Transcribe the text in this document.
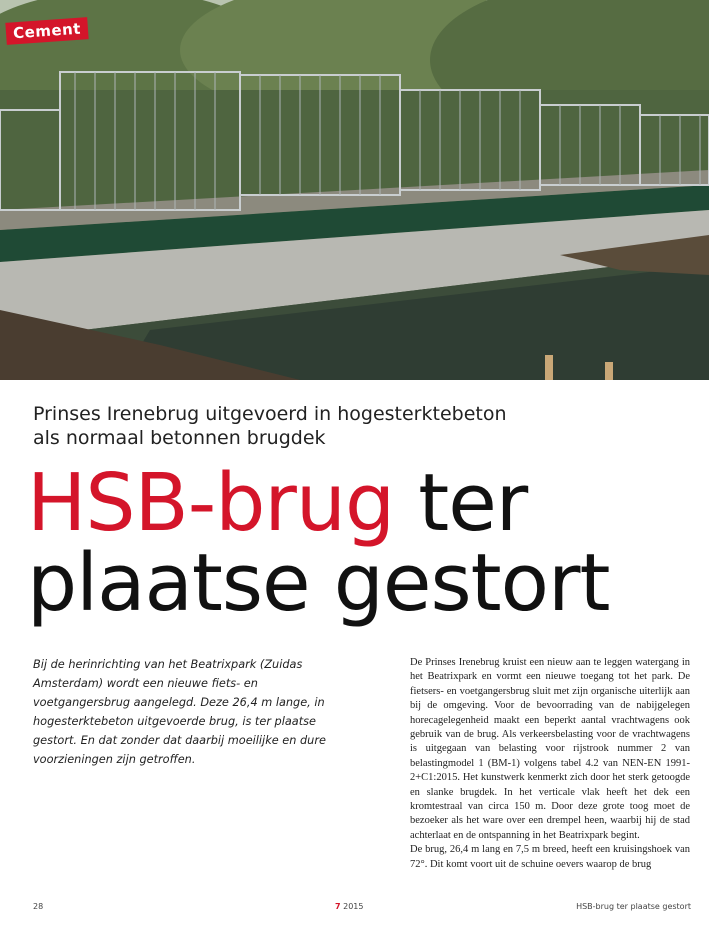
Cement
Prinses Irenebrug uitgevoerd in hogesterktebeton
als normaal betonnen brugdek
HSB-brug ter
plaatse gestort
Bij de herinrichting van het Beatrixpark (Zuidas Amsterdam) wordt een nieuwe fiets- en voetgangersbrug aangelegd. Deze 26,4 m lange, in hogesterktebeton uitgevoerde brug, is ter plaatse gestort. En dat zonder dat daarbij moeilijke en dure voorzieningen zijn getroffen.

De Prinses Irenebrug kruist een nieuw aan te leggen watergang in het Beatrixpark en vormt een nieuwe toegang tot het park. De fietsers- en voetgangersbrug sluit met zijn organische uiterlijk aan bij de omgeving. Voor de bevoorrading van de nabijgelegen horecagelegenheid maakt een beperkt aantal vrachtwagens ook gebruik van de brug. Als verkeersbelasting voor de vrachtwagens is uitgegaan van belasting voor rijstrook nummer 2 van belastingmodel 1 (BM-1) volgens tabel 4.2 van NEN-EN 1991-2+C1:2015. Het kunstwerk kenmerkt zich door het sterk getoogde en slanke brugdek. In het verticale vlak heeft het dek een kromtestraal van circa 150 m. Door deze grote toog moet de bezoeker als het ware over een drempel heen, waarbij hij de stad achterlaat en de ontspanning in het Beatrixpark begint.

De brug, 26,4 m lang en 7,5 m breed, heeft een kruisingshoek van 72°. Dit komt voort uit de schuine oevers waarop de brug

28	7 2015	HSB-brug ter plaatse gestort
